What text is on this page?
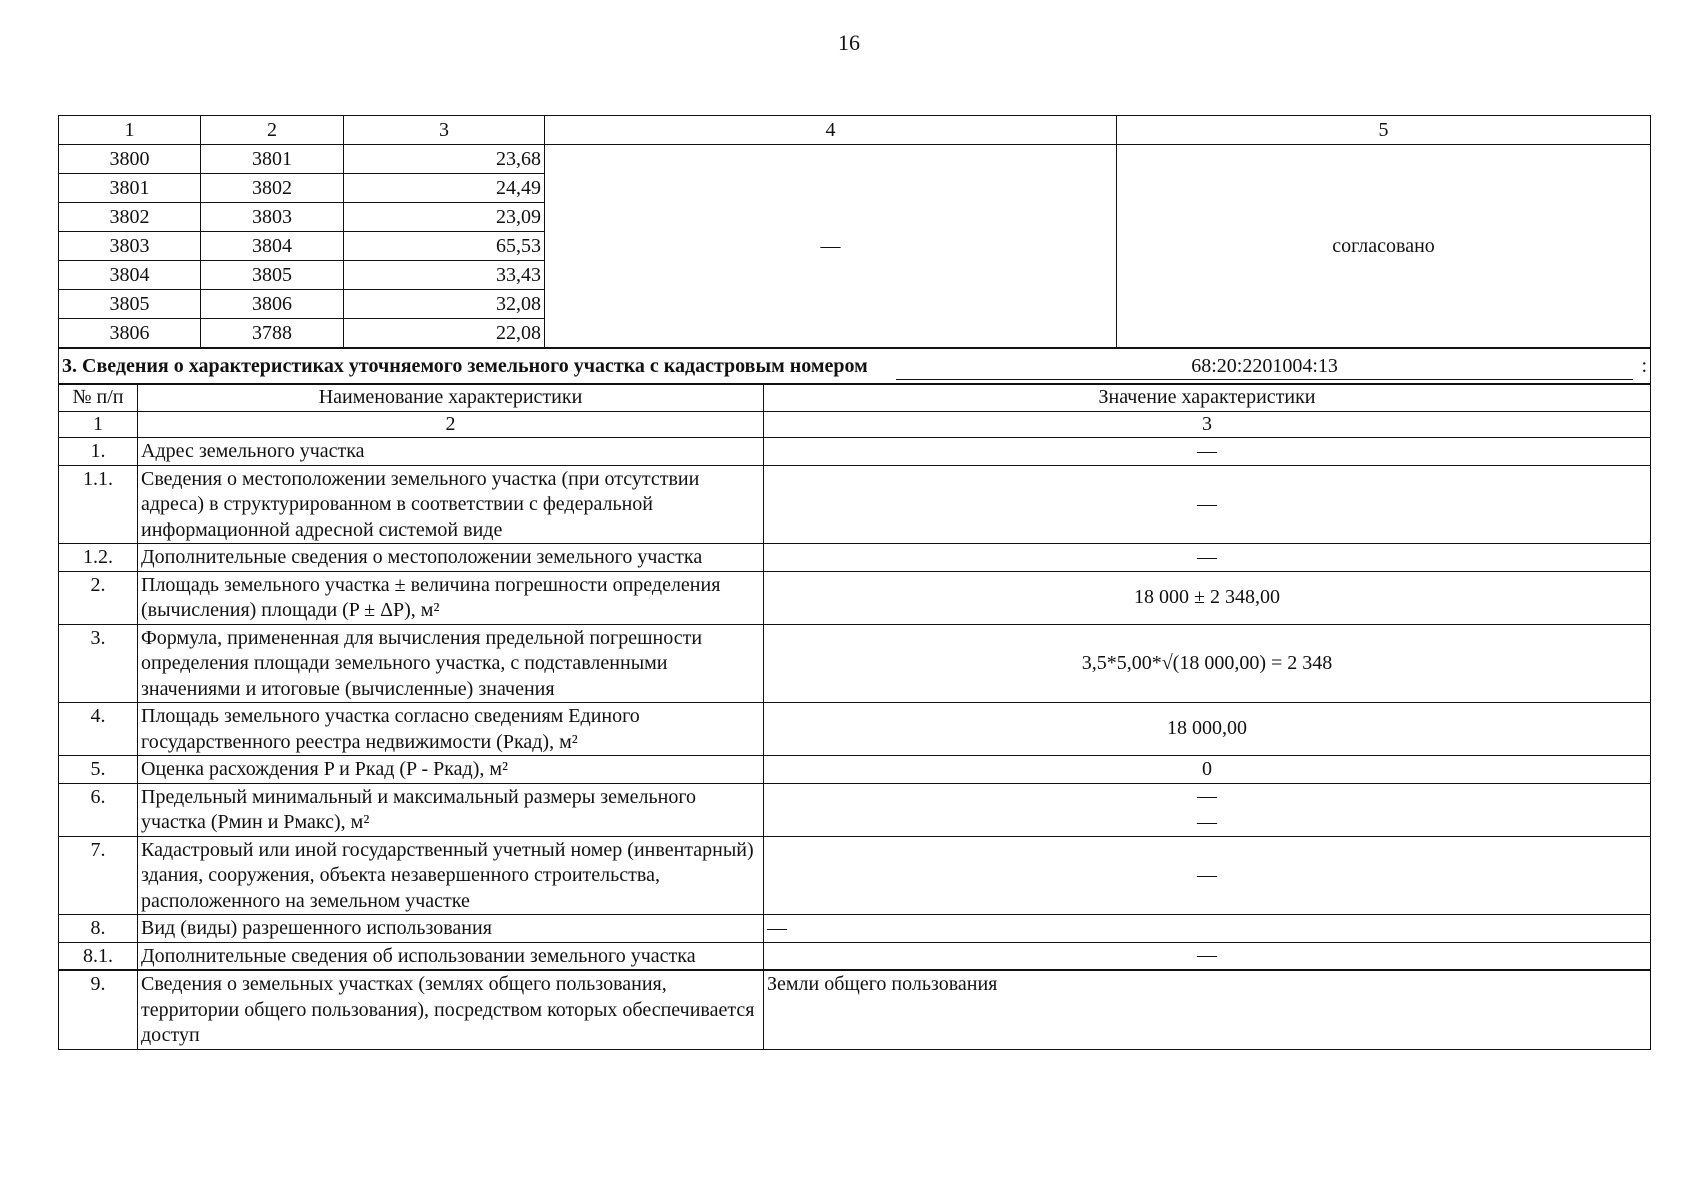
16
1	2	3	4	5
3800	3801	23,68	—	согласовано
3801	3802	24,49		
3802	3803	23,09		
3803	3804	65,53		
3804	3805	33,43		
3805	3806	32,08		
3806	3788	22,08		

3. Сведения о характеристиках уточняемого земельного участка с кадастровым номером 68:20:2201004:13 :				
№ п/п	Наименование характеристики	Значение характеристики
1	2	3
1.	Адрес земельного участка	—
1.1.	Сведения о местоположении земельного участка (при отсутствии адреса) в структурированном в соответствии с федеральной информационной адресной системой виде	—
1.2.	Дополнительные сведения о местоположении земельного участка	—
2.	Площадь земельного участка ± величина погрешности определения (вычисления) площади (P ± ΔP), м²	18 000 ± 2 348,00
3.	Формула, примененная для вычисления предельной погрешности определения площади земельного участка, с подставленными значениями и итоговые (вычисленные) значения	3,5*5,00*√(18 000,00) = 2 348
4.	Площадь земельного участка согласно сведениям Единого государственного реестра недвижимости (Pкад), м²	18 000,00
5.	Оценка расхождения P и Pкад (P - Pкад), м²	0
6.	Предельный минимальный и максимальный размеры земельного участка (Pмин и Pмакс), м²	—
—

7.	Кадастровый или иной государственный учетный номер (инвентарный) здания, сооружения, объекта незавершенного строительства, расположенного на земельном участке	—
8.	Вид (виды) разрешенного использования	—
8.1.	Дополнительные сведения об использовании земельного участка	—
9.	Сведения о земельных участках (землях общего пользования, территории общего пользования), посредством которых обеспечивается доступ	Земли общего пользования
